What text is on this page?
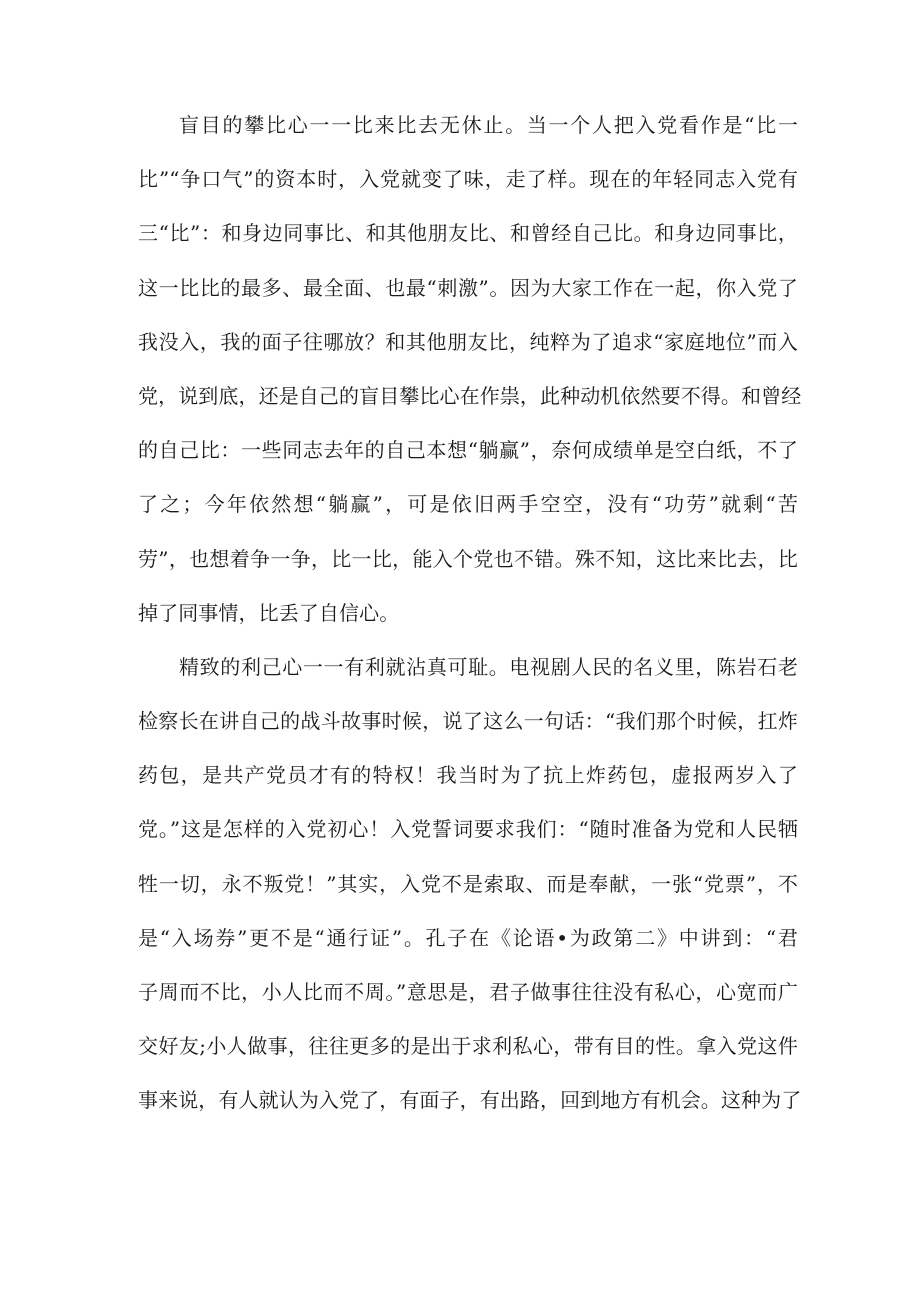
盲目的攀比心一一比来比去无休止。当一个人把入党看作是“比一
比”“争口气”的资本时，入党就变了味，走了样。现在的年轻同志入党有
三“比”：和身边同事比、和其他朋友比、和曾经自己比。和身边同事比，
这一比比的最多、最全面、也最“刺激”。因为大家工作在一起，你入党了
我没入，我的面子往哪放？和其他朋友比，纯粹为了追求“家庭地位”而入
党，说到底，还是自己的盲目攀比心在作祟，此种动机依然要不得。和曾经
的自己比：一些同志去年的自己本想“躺赢”，奈何成绩单是空白纸，不了
了之；今年依然想“躺赢”，可是依旧两手空空，没有“功劳”就剩“苦
劳”，也想着争一争，比一比，能入个党也不错。殊不知，这比来比去，比
掉了同事情，比丢了自信心。
精致的利己心一一有利就沾真可耻。电视剧人民的名义里，陈岩石老
检察长在讲自己的战斗故事时候，说了这么一句话：“我们那个时候，扛炸
药包，是共产党员才有的特权！我当时为了抗上炸药包，虚报两岁入了
党。”这是怎样的入党初心！入党誓词要求我们：“随时准备为党和人民牺
牲一切，永不叛党！”其实，入党不是索取、而是奉献，一张“党票”，不
是“入场券”更不是“通行证”。孔子在《论语•为政第二》中讲到：“君
子周而不比，小人比而不周。”意思是，君子做事往往没有私心，心宽而广
交好友;小人做事，往往更多的是出于求利私心，带有目的性。拿入党这件
事来说，有人就认为入党了，有面子，有出路，回到地方有机会。这种为了
